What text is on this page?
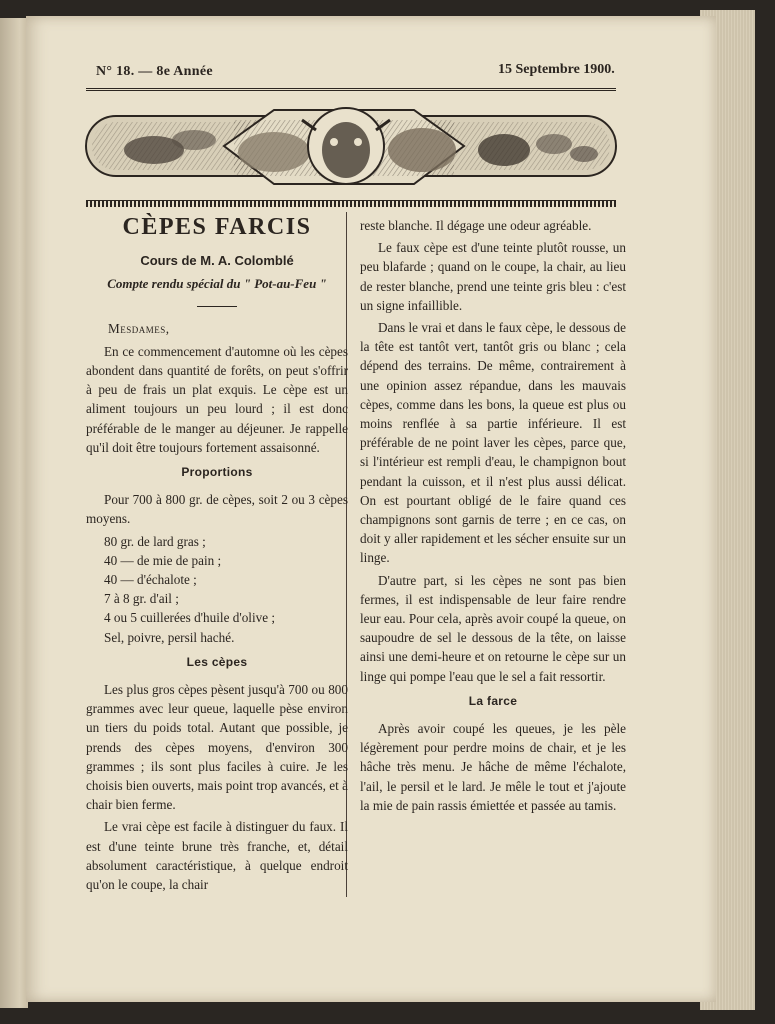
N° 18. — 8e Année	15 Septembre 1900.
CÈPES FARCIS
Cours de M. A. Colomblé
Compte rendu spécial du " Pot-au-Feu "
Mesdames,

En ce commencement d'automne où les cèpes abondent dans quantité de forêts, on peut s'offrir à peu de frais un plat exquis. Le cèpe est un aliment toujours un peu lourd ; il est donc préférable de le manger au déjeuner. Je rappelle qu'il doit être toujours fortement assaisonné.

Proportions

Pour 700 à 800 gr. de cèpes, soit 2 ou 3 cèpes moyens.

80 gr. de lard gras ;
40 — de mie de pain ;
40 — d'échalote ;
7 à 8 gr. d'ail ;
4 ou 5 cuillerées d'huile d'olive ;
Sel, poivre, persil haché.
Les cèpes

Les plus gros cèpes pèsent jusqu'à 700 ou 800 grammes avec leur queue, laquelle pèse environ un tiers du poids total. Autant que possible, je prends des cèpes moyens, d'environ 300 grammes ; ils sont plus faciles à cuire. Je les choisis bien ouverts, mais point trop avancés, et à chair bien ferme.

Le vrai cèpe est facile à distinguer du faux. Il est d'une teinte brune très franche, et, détail absolument caractéristique, à quelque endroit qu'on le coupe, la chair

reste blanche. Il dégage une odeur agréable.

Le faux cèpe est d'une teinte plutôt rousse, un peu blafarde ; quand on le coupe, la chair, au lieu de rester blanche, prend une teinte gris bleu : c'est un signe infaillible.

Dans le vrai et dans le faux cèpe, le dessous de la tête est tantôt vert, tantôt gris ou blanc ; cela dépend des terrains. De même, contrairement à une opinion assez répandue, dans les mauvais cèpes, comme dans les bons, la queue est plus ou moins renflée à sa partie inférieure. Il est préférable de ne point laver les cèpes, parce que, si l'intérieur est rempli d'eau, le champignon bout pendant la cuisson, et il n'est plus aussi délicat. On est pourtant obligé de le faire quand ces champignons sont garnis de terre ; en ce cas, on doit y aller rapidement et les sécher ensuite sur un linge.

D'autre part, si les cèpes ne sont pas bien fermes, il est indispensable de leur faire rendre leur eau. Pour cela, après avoir coupé la queue, on saupoudre de sel le dessous de la tête, on laisse ainsi une demi-heure et on retourne le cèpe sur un linge qui pompe l'eau que le sel a fait ressortir.

La farce

Après avoir coupé les queues, je les pèle légèrement pour perdre moins de chair, et je les hâche très menu. Je hâche de même l'échalote, l'ail, le persil et le lard. Je mêle le tout et j'ajoute la mie de pain rassis émiettée et passée au tamis.
